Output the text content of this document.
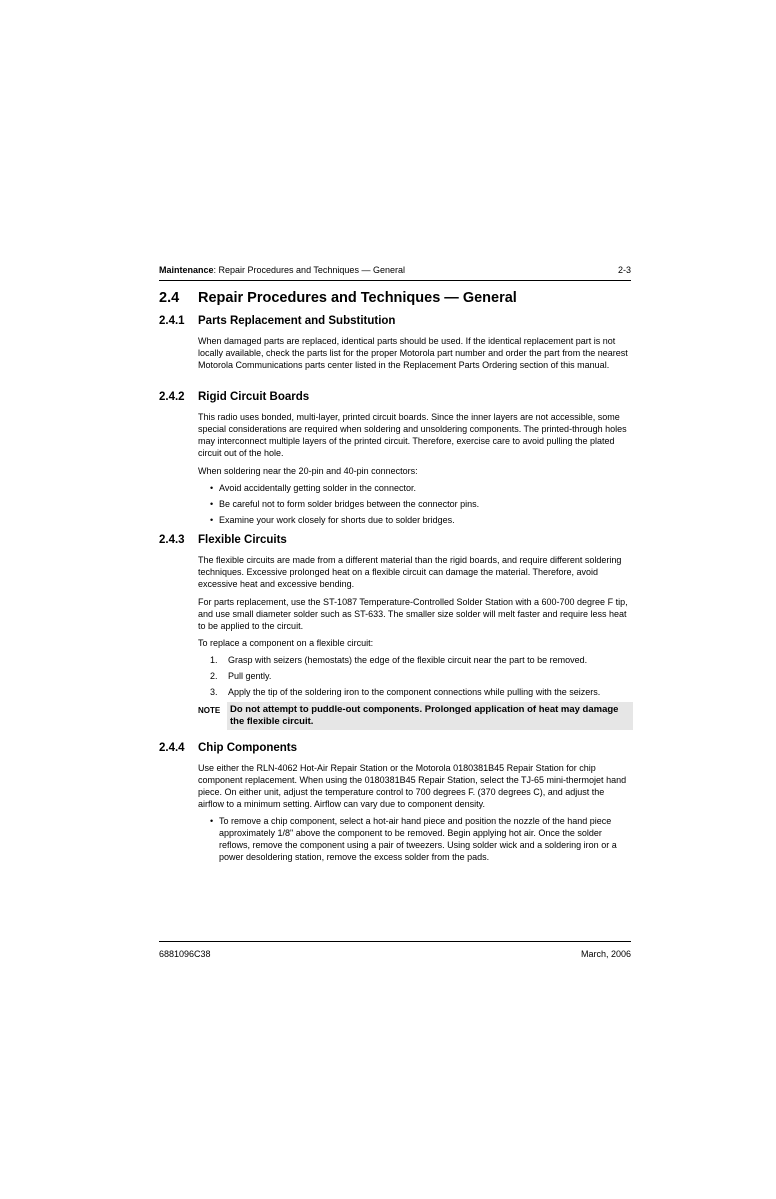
Maintenance: Repair Procedures and Techniques — General	2-3
2.4 Repair Procedures and Techniques — General
2.4.1 Parts Replacement and Substitution

When damaged parts are replaced, identical parts should be used. If the identical replacement part is not locally available, check the parts list for the proper Motorola part number and order the part from the nearest Motorola Communications parts center listed in the Replacement Parts Ordering section of this manual.

2.4.2 Rigid Circuit Boards

This radio uses bonded, multi-layer, printed circuit boards. Since the inner layers are not accessible, some special considerations are required when soldering and unsoldering components. The printed-through holes may interconnect multiple layers of the printed circuit. Therefore, exercise care to avoid pulling the plated circuit out of the hole.

When soldering near the 20-pin and 40-pin connectors:

• Avoid accidentally getting solder in the connector.
• Be careful not to form solder bridges between the connector pins.
• Examine your work closely for shorts due to solder bridges.
2.4.3 Flexible Circuits

The flexible circuits are made from a different material than the rigid boards, and require different soldering techniques. Excessive prolonged heat on a flexible circuit can damage the material. Therefore, avoid excessive heat and excessive bending.

For parts replacement, use the ST-1087 Temperature-Controlled Solder Station with a 600-700 degree F tip, and use small diameter solder such as ST-633. The smaller size solder will melt faster and require less heat to be applied to the circuit.

To replace a component on a flexible circuit:

1. Grasp with seizers (hemostats) the edge of the flexible circuit near the part to be removed.
2. Pull gently.
3. Apply the tip of the soldering iron to the component connections while pulling with the seizers.
NOTE	Do not attempt to puddle-out components. Prolonged application of heat may damage the flexible circuit.
2.4.4 Chip Components

Use either the RLN-4062 Hot-Air Repair Station or the Motorola 0180381B45 Repair Station for chip component replacement. When using the 0180381B45 Repair Station, select the TJ-65 mini-thermojet hand piece. On either unit, adjust the temperature control to 700 degrees F. (370 degrees C), and adjust the airflow to a minimum setting. Airflow can vary due to component density.

• To remove a chip component, select a hot-air hand piece and position the nozzle of the hand piece approximately 1/8" above the component to be removed. Begin applying hot air. Once the solder reflows, remove the component using a pair of tweezers. Using solder wick and a soldering iron or a power desoldering station, remove the excess solder from the pads.
6881096C38	March, 2006
